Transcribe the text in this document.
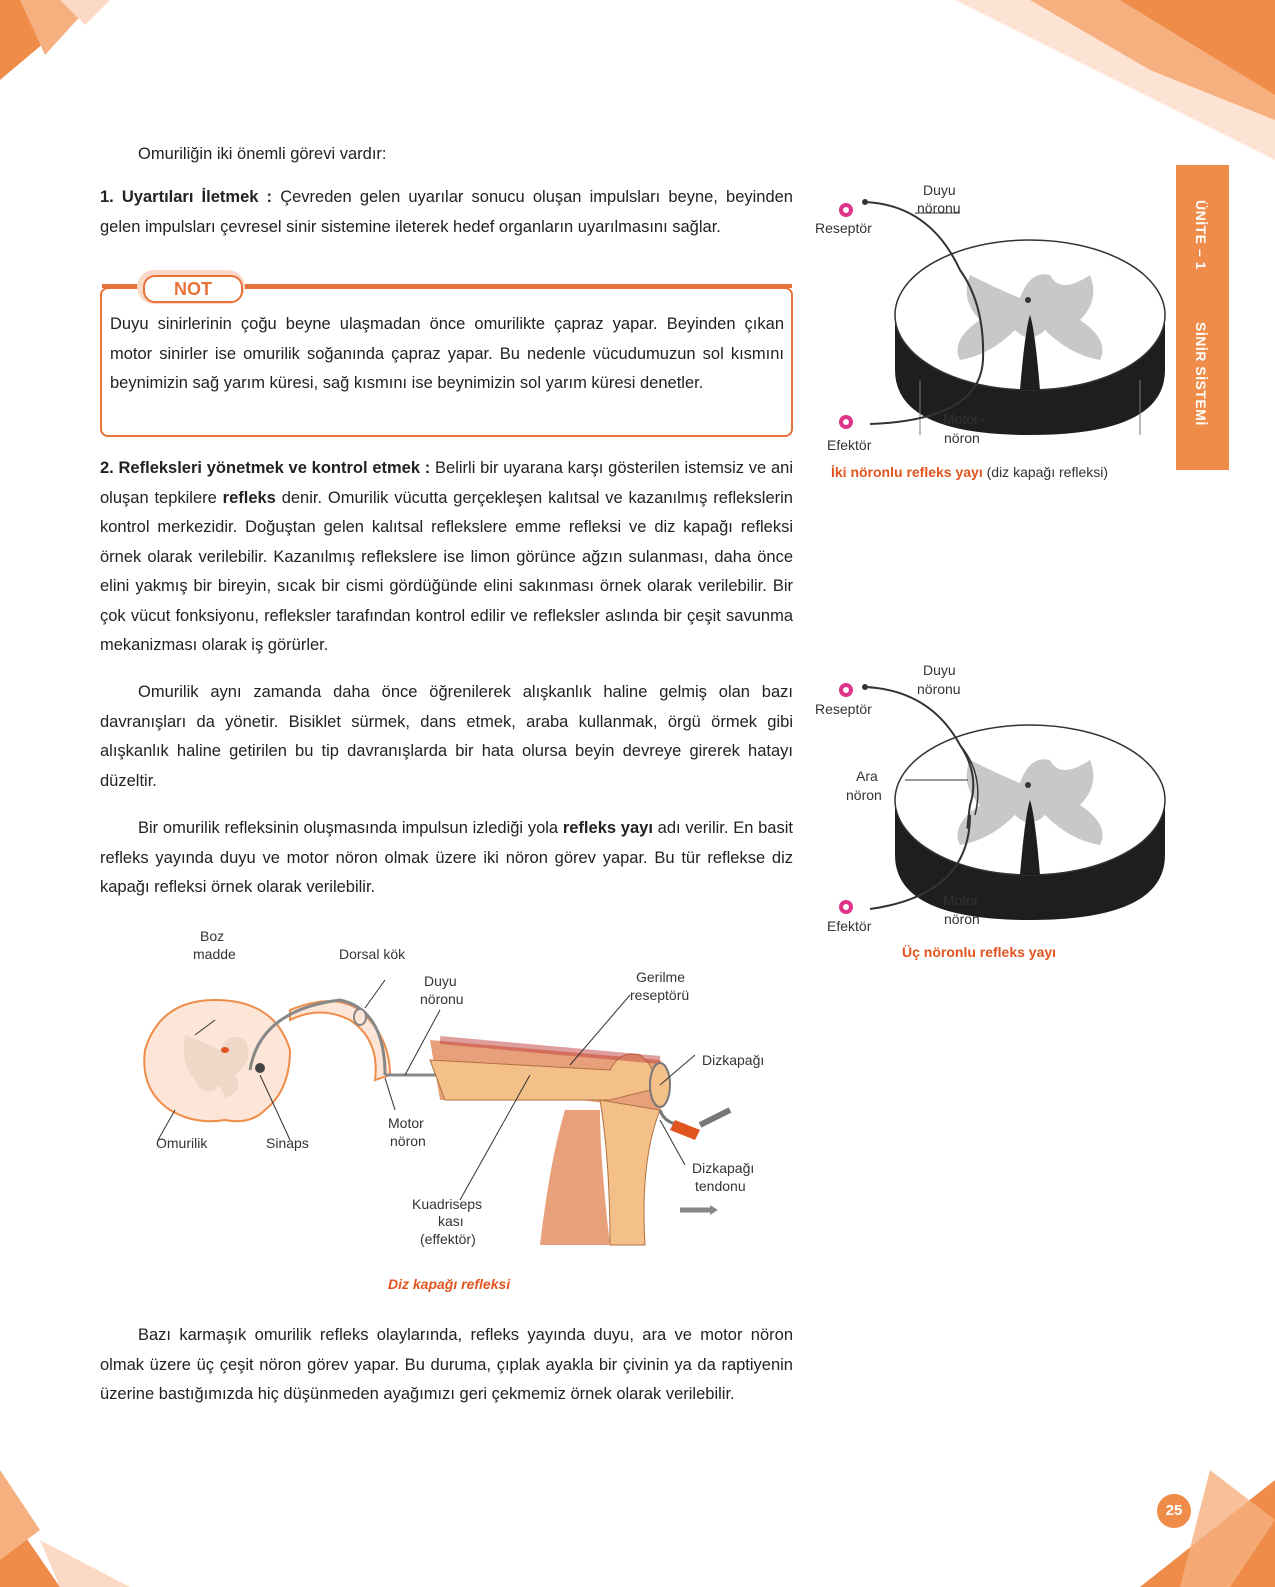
ÜNİTE – 1
SİNİR SİSTEMİ

Omuriliğin iki önemli görevi vardır:

1. Uyartıları İletmek : Çevreden gelen uyarılar sonucu oluşan impulsları beyne, beyinden gelen impulsları çevresel sinir sistemine ileterek hedef organların uyarılmasını sağlar.

NOT

Duyu sinirlerinin çoğu beyne ulaşmadan önce omurilikte çapraz yapar. Beyinden çıkan motor sinirler ise omurilik soğanında çapraz yapar. Bu nedenle vücudumuzun sol kısmını beynimizin sağ yarım küresi, sağ kısmını ise beynimizin sol yarım küresi denetler.

2. Refleksleri yönetmek ve kontrol etmek : Belirli bir uyarana karşı gösterilen istemsiz ve ani oluşan tepkilere refleks denir. Omurilik vücutta gerçekleşen kalıtsal ve kazanılmış reflekslerin kontrol merkezidir. Doğuştan gelen kalıtsal reflekslere emme refleksi ve diz kapağı refleksi örnek olarak verilebilir. Kazanılmış reflekslere ise limon görünce ağzın sulanması, daha önce elini yakmış bir bireyin, sıcak bir cismi gördüğünde elini sakınması örnek olarak verilebilir. Bir çok vücut fonksiyonu, refleksler tarafından kontrol edilir ve refleksler aslında bir çeşit savunma mekanizması olarak iş görürler.

Omurilik aynı zamanda daha önce öğrenilerek alışkanlık haline gelmiş olan bazı davranışları da yönetir. Bisiklet sürmek, dans etmek, araba kullanmak, örgü örmek gibi alışkanlık haline getirilen bu tip davranışlarda bir hata olursa beyin devreye girerek hatayı düzeltir.

Bir omurilik refleksinin oluşmasında impulsun izlediği yola refleks yayı adı verilir. En basit refleks yayında duyu ve motor nöron olmak üzere iki nöron görev yapar. Bu tür reflekse diz kapağı refleksi örnek olarak verilebilir.

Bazı karmaşık omurilik refleks olaylarında, refleks yayında duyu, ara ve motor nöron olmak üzere üç çeşit nöron görev yapar. Bu duruma, çıplak ayakla bir çivinin ya da raptiyenin üzerine bastığımızda hiç düşünmeden ayağımızı geri çekmemiz örnek olarak verilebilir.

Duyu
nöronu
Reseptör
Motor
nöron
Efektör
İki nöronlu refleks yayı (diz kapağı refleksi)
Duyu
nöronu
Reseptör
Ara
nöron
Motor
nöron
Efektör
Üç nöronlu refleks yayı
Boz
madde	Dorsal kök
Duyu
nöronu
Gerilme
reseptörü
Dizkapağı
Omurilik	Sinaps
Motor
nöron
Dizkapağı
tendonu
Kuadriseps
kası
(effektör)
Diz kapağı refleksi
25
